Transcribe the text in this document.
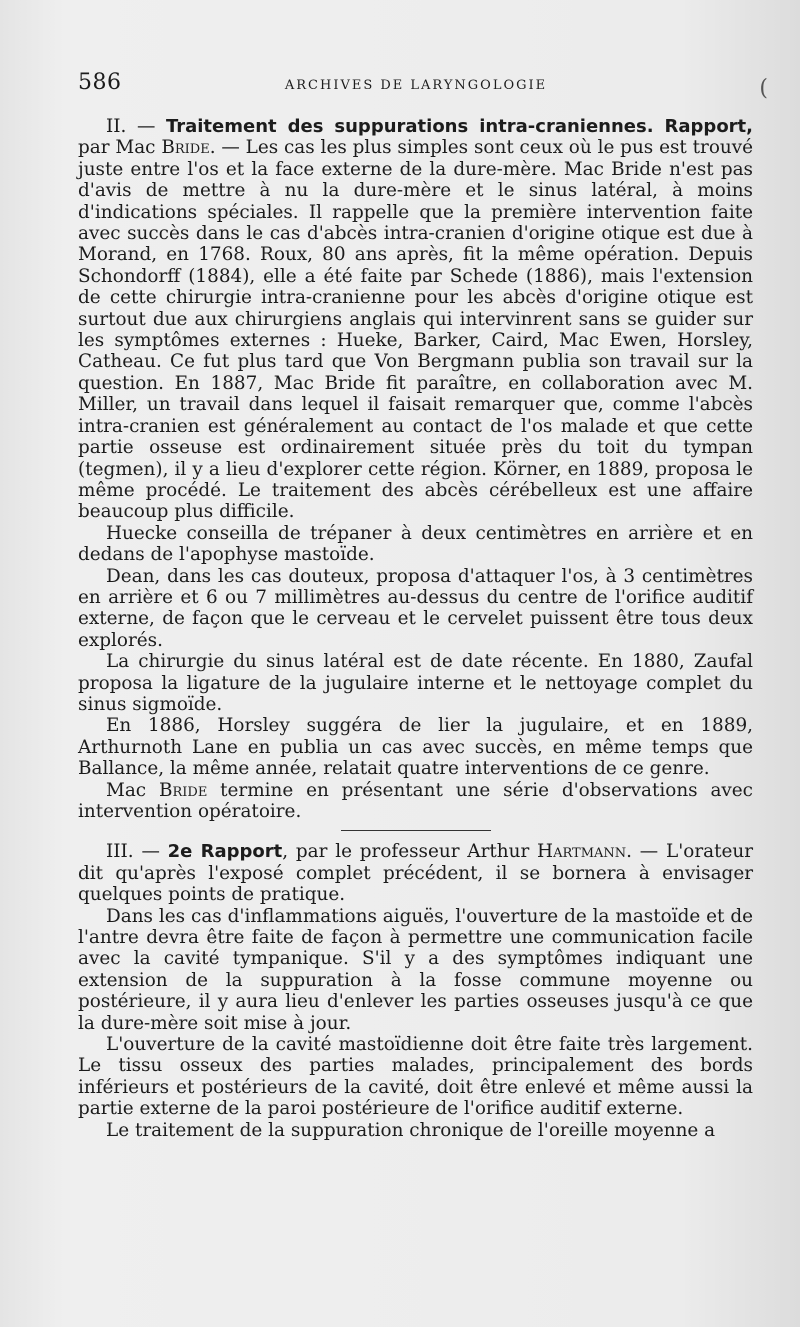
586	ARCHIVES DE LARYNGOLOGIE	(

II. — Traitement des suppurations intra-craniennes. Rapport, par Mac Bride. — Les cas les plus simples sont ceux où le pus est trouvé juste entre l'os et la face externe de la dure-mère. Mac Bride n'est pas d'avis de mettre à nu la dure-mère et le sinus latéral, à moins d'indications spéciales. Il rappelle que la première intervention faite avec succès dans le cas d'abcès intra-cranien d'origine otique est due à Morand, en 1768. Roux, 80 ans après, fit la même opération. Depuis Schondorff (1884), elle a été faite par Schede (1886), mais l'extension de cette chirurgie intra-cranienne pour les abcès d'origine otique est surtout due aux chirurgiens anglais qui intervinrent sans se guider sur les symptômes externes : Hueke, Barker, Caird, Mac Ewen, Horsley, Catheau. Ce fut plus tard que Von Bergmann publia son travail sur la question. En 1887, Mac Bride fit paraître, en collaboration avec M. Miller, un travail dans lequel il faisait remarquer que, comme l'abcès intra-cranien est généralement au contact de l'os malade et que cette partie osseuse est ordinairement située près du toit du tympan (tegmen), il y a lieu d'explorer cette région. Körner, en 1889, proposa le même procédé. Le traitement des abcès cérébelleux est une affaire beaucoup plus difficile.

Huecke conseilla de trépaner à deux centimètres en arrière et en dedans de l'apophyse mastoïde.

Dean, dans les cas douteux, proposa d'attaquer l'os, à 3 centimètres en arrière et 6 ou 7 millimètres au-dessus du centre de l'orifice auditif externe, de façon que le cerveau et le cervelet puissent être tous deux explorés.

La chirurgie du sinus latéral est de date récente. En 1880, Zaufal proposa la ligature de la jugulaire interne et le nettoyage complet du sinus sigmoïde.

En 1886, Horsley suggéra de lier la jugulaire, et en 1889, Arthurnoth Lane en publia un cas avec succès, en même temps que Ballance, la même année, relatait quatre interventions de ce genre.

Mac Bride termine en présentant une série d'observations avec intervention opératoire.

III. — 2e Rapport, par le professeur Arthur Hartmann. — L'orateur dit qu'après l'exposé complet précédent, il se bornera à envisager quelques points de pratique.

Dans les cas d'inflammations aiguës, l'ouverture de la mastoïde et de l'antre devra être faite de façon à permettre une communication facile avec la cavité tympanique. S'il y a des symptômes indiquant une extension de la suppuration à la fosse commune moyenne ou postérieure, il y aura lieu d'enlever les parties osseuses jusqu'à ce que la dure-mère soit mise à jour.

L'ouverture de la cavité mastoïdienne doit être faite très largement. Le tissu osseux des parties malades, principalement des bords inférieurs et postérieurs de la cavité, doit être enlevé et même aussi la partie externe de la paroi postérieure de l'orifice auditif externe.

Le traitement de la suppuration chronique de l'oreille moyenne a
